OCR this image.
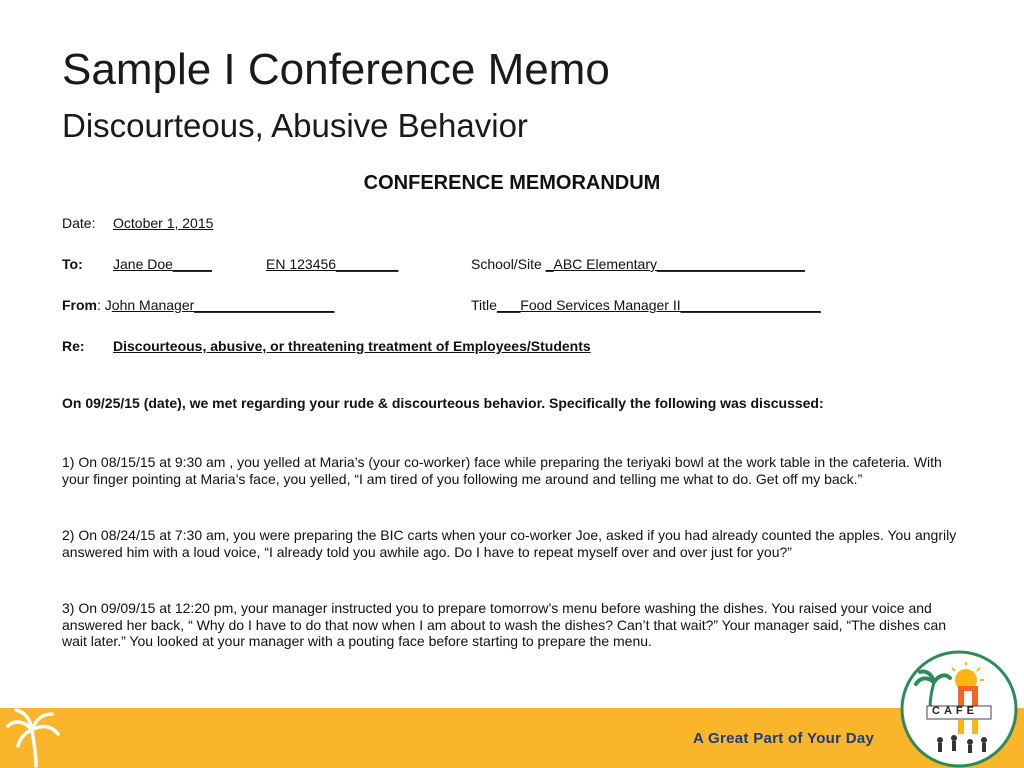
Sample I Conference Memo
Discourteous, Abusive Behavior
CONFERENCE MEMORANDUM
Date: October 1, 2015
To: Jane Doe_____	EN 123456________	School/Site _ABC Elementary___________________
From: John Manager__________________	Title___Food Services Manager II__________________
Re: Discourteous, abusive, or threatening treatment of Employees/Students
On 09/25/15 (date), we met regarding your rude & discourteous behavior. Specifically the following was discussed:
1) On 08/15/15 at 9:30 am , you yelled at Maria’s (your co-worker) face while preparing the teriyaki bowl at the work table in the cafeteria. With your finger pointing at Maria’s face, you yelled, “I am tired of you following me around and telling me what to do. Get off my back.”
2) On 08/24/15 at 7:30 am, you were preparing the BIC carts when your co-worker Joe, asked if you had already counted the apples. You angrily answered him with a loud voice, “I already told you awhile ago. Do I have to repeat myself over and over just for you?”
3) On 09/09/15 at 12:20 pm, your manager instructed you to prepare tomorrow’s menu before washing the dishes. You raised your voice and answered her back, “ Why do I have to do that now when I am about to wash the dishes? Can’t that wait?” Your manager said, “The dishes can wait later.” You looked at your manager with a pouting face before starting to prepare the menu.
A Great Part of Your Day
CAFE
